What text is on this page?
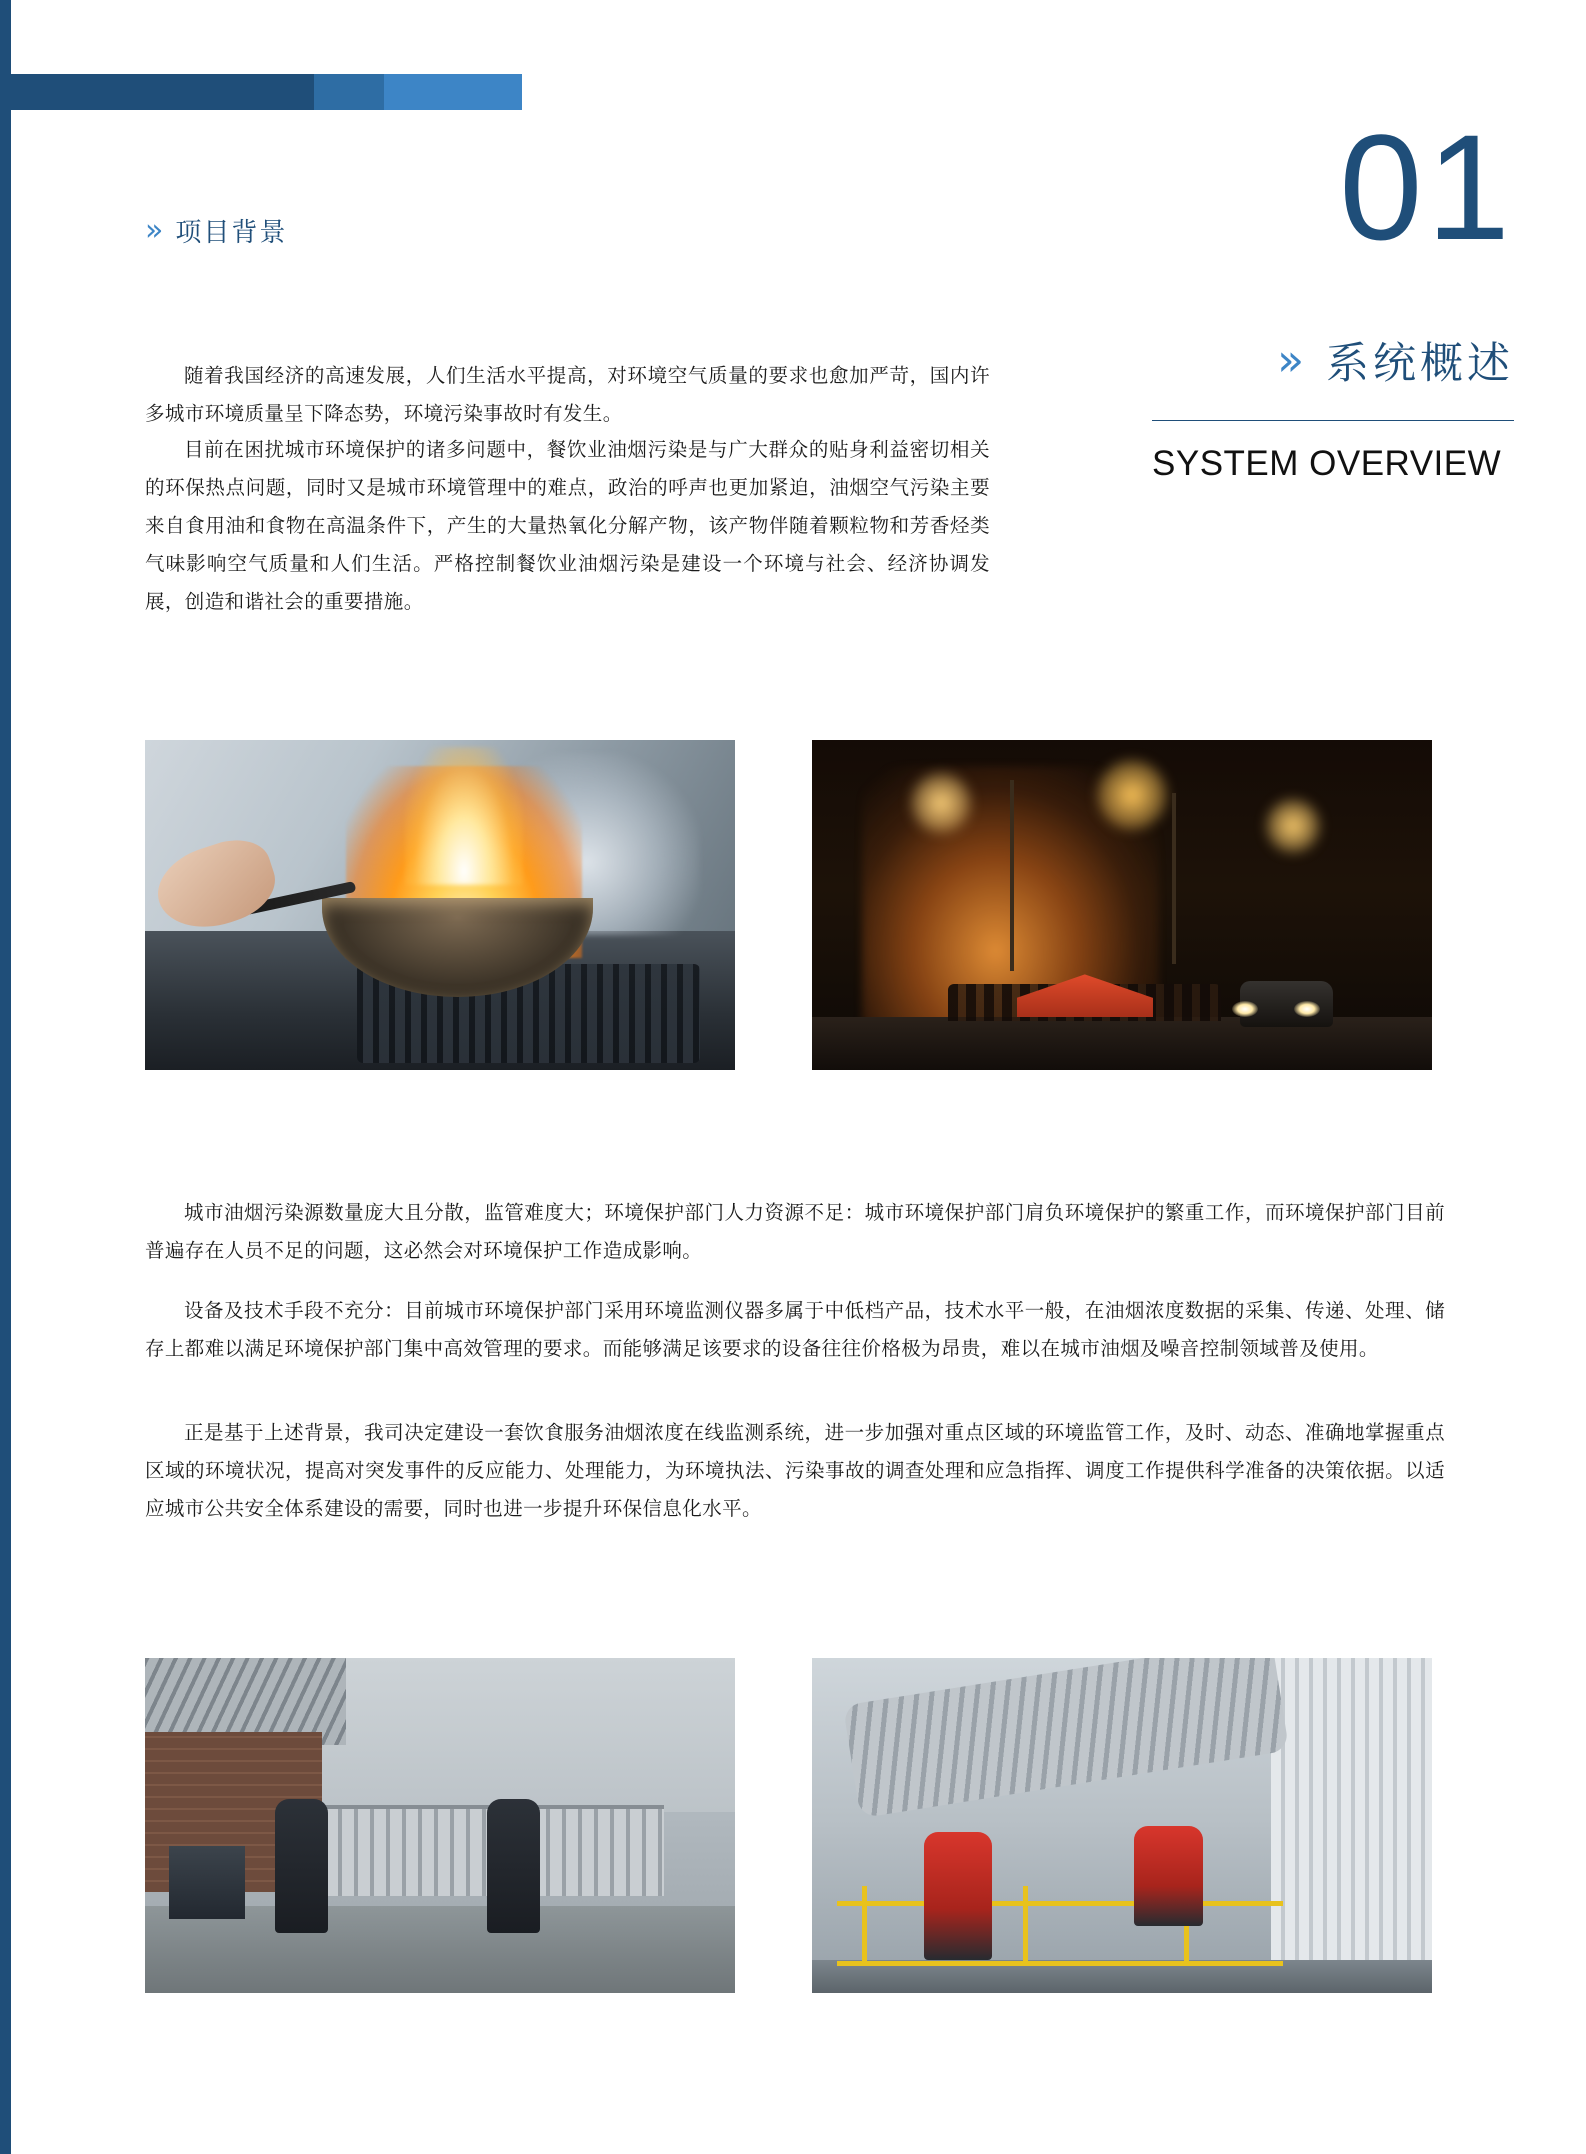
» 项目背景	01
» 系统概述
SYSTEM OVERVIEW
随着我国经济的高速发展，人们生活水平提高，对环境空气质量的要求也愈加严苛，国内许多城市环境质量呈下降态势，环境污染事故时有发生。
目前在困扰城市环境保护的诸多问题中，餐饮业油烟污染是与广大群众的贴身利益密切相关的环保热点问题，同时又是城市环境管理中的难点，政治的呼声也更加紧迫，油烟空气污染主要来自食用油和食物在高温条件下，产生的大量热氧化分解产物，该产物伴随着颗粒物和芳香烃类气味影响空气质量和人们生活。严格控制餐饮业油烟污染是建设一个环境与社会、经济协调发展，创造和谐社会的重要措施。
城市油烟污染源数量庞大且分散，监管难度大；环境保护部门人力资源不足：城市环境保护部门肩负环境保护的繁重工作，而环境保护部门目前普遍存在人员不足的问题，这必然会对环境保护工作造成影响。
设备及技术手段不充分：目前城市环境保护部门采用环境监测仪器多属于中低档产品，技术水平一般，在油烟浓度数据的采集、传递、处理、储存上都难以满足环境保护部门集中高效管理的要求。而能够满足该要求的设备往往价格极为昂贵，难以在城市油烟及噪音控制领域普及使用。
正是基于上述背景，我司决定建设一套饮食服务油烟浓度在线监测系统，进一步加强对重点区域的环境监管工作，及时、动态、准确地掌握重点区域的环境状况，提高对突发事件的反应能力、处理能力，为环境执法、污染事故的调查处理和应急指挥、调度工作提供科学准备的决策依据。以适应城市公共安全体系建设的需要，同时也进一步提升环保信息化水平。
